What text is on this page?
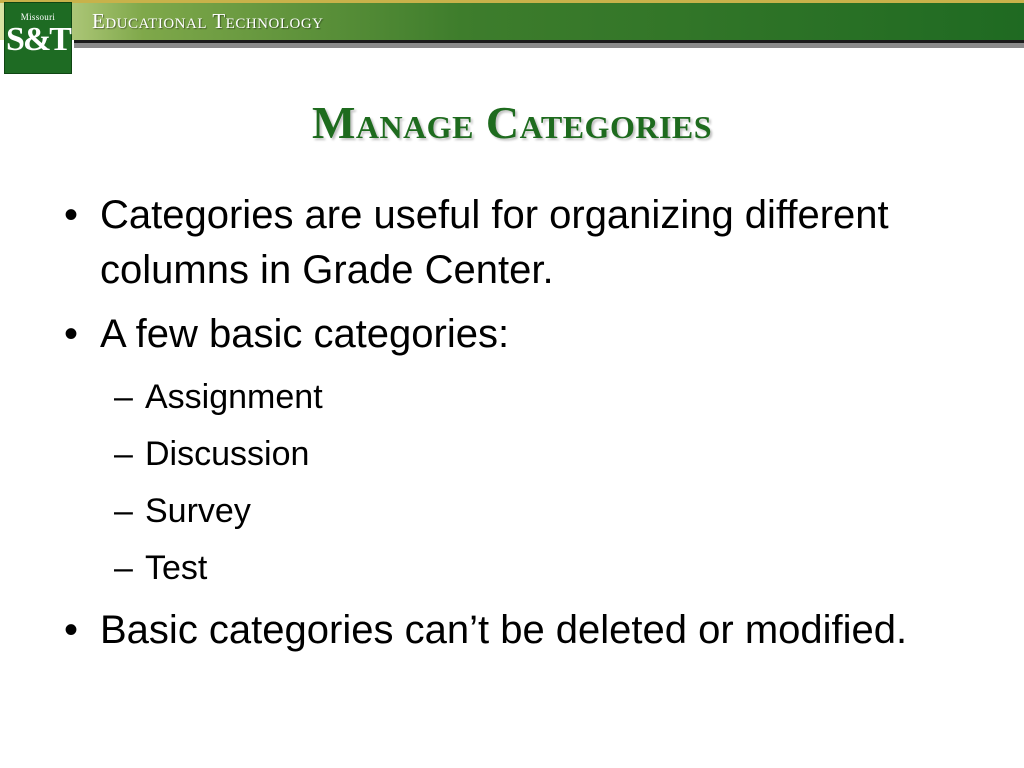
Educational Technology
Missouri
S&T
Manage Categories
• Categories are useful for organizing different columns in Grade Center.
• A few basic categories:
– Assignment
– Discussion
– Survey
– Test
• Basic categories can’t be deleted or modified.
